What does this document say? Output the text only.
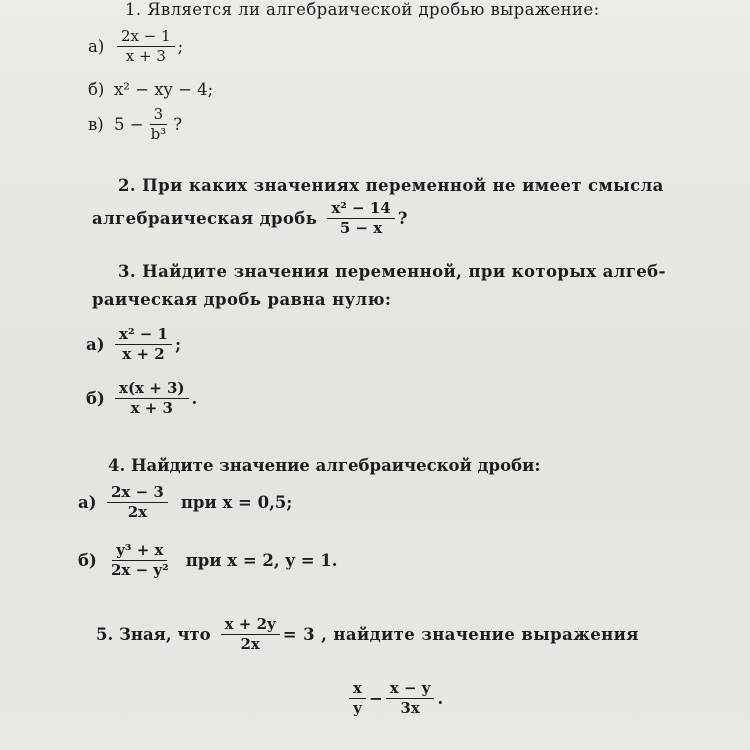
1. Является ли алгебраической дробью выражение:
$а) \frac{2x - 1}{x + 3}$ ;
б) x² − xy − 4;
в) $5 - \frac{3}{\text{b³}}$ ?
2. При каких значениях переменной не имеет смысла
алгебраическая дробь $\frac{\text{x² − 14}}{5 - x}$ ?
3. Найдите значения переменной, при которых алгеб-
раическая дробь равна нулю:
$а) \frac{\text{x² − 1}}{x + 2}$ ;
$б) \frac{x(x + 3)}{x + 3}$ .
4. Найдите значение алгебраической дроби:
$а) \frac{2x - 3}{2x}$ при x = 0,5;
$б) \frac{\text{y³ + x}}{\text{2x − y²}}$ при x = 2, y = 1.
5. Зная, что $\frac{x + 2y}{2x} = 3$ , найдите значение выражения
$\frac{x}{y} - \frac{x - y}{3x}$ .
